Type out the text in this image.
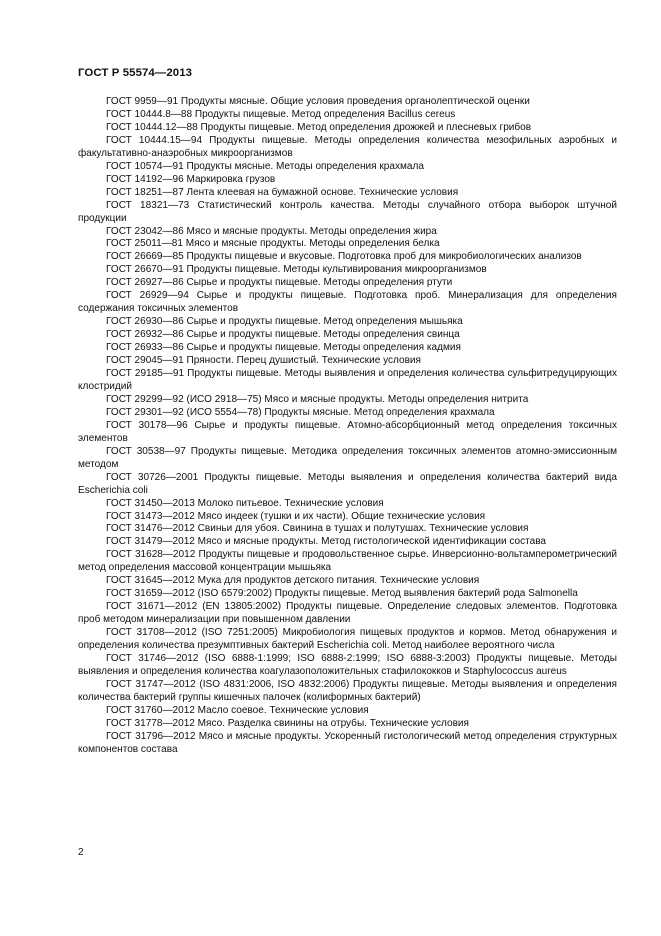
ГОСТ Р 55574—2013

ГОСТ 9959—91 Продукты мясные. Общие условия проведения органолептической оценки

ГОСТ 10444.8—88 Продукты пищевые. Метод определения Bacillus cereus

ГОСТ 10444.12—88 Продукты пищевые. Метод определения дрожжей и плесневых грибов

ГОСТ 10444.15—94 Продукты пищевые. Методы определения количества мезофильных аэробных и факультативно-анаэробных микроорганизмов

ГОСТ 10574—91 Продукты мясные. Методы определения крахмала

ГОСТ 14192—96 Маркировка грузов

ГОСТ 18251—87 Лента клеевая на бумажной основе. Технические условия

ГОСТ 18321—73 Статистический контроль качества. Методы случайного отбора выборок штучной продукции

ГОСТ 23042—86 Мясо и мясные продукты. Методы определения жира

ГОСТ 25011—81 Мясо и мясные продукты. Методы определения белка

ГОСТ 26669—85 Продукты пищевые и вкусовые. Подготовка проб для микробиологических анализов

ГОСТ 26670—91 Продукты пищевые. Методы культивирования микроорганизмов

ГОСТ 26927—86 Сырье и продукты пищевые. Методы определения ртути

ГОСТ 26929—94 Сырье и продукты пищевые. Подготовка проб. Минерализация для определения содержания токсичных элементов

ГОСТ 26930—86 Сырье и продукты пищевые. Метод определения мышьяка

ГОСТ 26932—86 Сырье и продукты пищевые. Методы определения свинца

ГОСТ 26933—86 Сырье и продукты пищевые. Методы определения кадмия

ГОСТ 29045—91 Пряности. Перец душистый. Технические условия

ГОСТ 29185—91 Продукты пищевые. Методы выявления и определения количества сульфитредуцирующих клостридий

ГОСТ 29299—92 (ИСО 2918—75) Мясо и мясные продукты. Методы определения нитрита

ГОСТ 29301—92 (ИСО 5554—78) Продукты мясные. Метод определения крахмала

ГОСТ 30178—96 Сырье и продукты пищевые. Атомно-абсорбционный метод определения токсичных элементов

ГОСТ 30538—97 Продукты пищевые. Методика определения токсичных элементов атомно-эмиссионным методом

ГОСТ 30726—2001 Продукты пищевые. Методы выявления и определения количества бактерий вида Escherichia coli

ГОСТ 31450—2013 Молоко питьевое. Технические условия

ГОСТ 31473—2012 Мясо индеек (тушки и их части). Общие технические условия

ГОСТ 31476—2012 Свиньи для убоя. Свинина в тушах и полутушах. Технические условия

ГОСТ 31479—2012 Мясо и мясные продукты. Метод гистологической идентификации состава

ГОСТ 31628—2012 Продукты пищевые и продовольственное сырье. Инверсионно-вольтамперометрический метод определения массовой концентрации мышьяка

ГОСТ 31645—2012 Мука для продуктов детского питания. Технические условия

ГОСТ 31659—2012 (ISO 6579:2002) Продукты пищевые. Метод выявления бактерий рода Salmonella

ГОСТ 31671—2012 (EN 13805:2002) Продукты пищевые. Определение следовых элементов. Подготовка проб методом минерализации при повышенном давлении

ГОСТ 31708—2012 (ISO 7251:2005) Микробиология пищевых продуктов и кормов. Метод обнаружения и определения количества презумптивных бактерий Escherichia coli. Метод наиболее вероятного числа

ГОСТ 31746—2012 (ISO 6888-1:1999; ISO 6888-2:1999; ISO 6888-3:2003) Продукты пищевые. Методы выявления и определения количества коагулазоположительных стафилококков и Staphylococcus aureus

ГОСТ 31747—2012 (ISO 4831:2006, ISO 4832:2006) Продукты пищевые. Методы выявления и определения количества бактерий группы кишечных палочек (колиформных бактерий)

ГОСТ 31760—2012 Масло соевое. Технические условия

ГОСТ 31778—2012 Мясо. Разделка свинины на отрубы. Технические условия

ГОСТ 31796—2012 Мясо и мясные продукты. Ускоренный гистологический метод определения структурных компонентов состава

2
